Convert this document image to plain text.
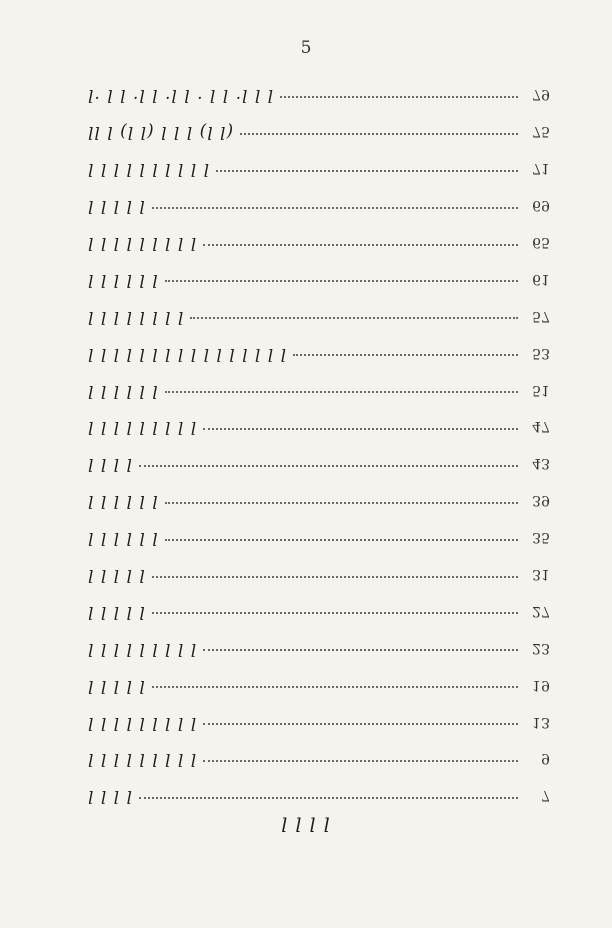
5
ꞁ. ꞁ ꞁ .ꞁ ꞁ .ꞁ ꞁ . ꞁ ꞁ .ꞁ ꞁ ꞁ	79
ꞁꞁ ꞁ (ꞁ ꞁ) ꞁ ꞁ ꞁ (ꞁ ꞁ)	75
ꞁ ꞁ ꞁ ꞁ ꞁ ꞁ ꞁ ꞁ ꞁ ꞁ	71
ꞁ ꞁ ꞁ ꞁ ꞁ	69
ꞁ ꞁ ꞁ ꞁ ꞁ ꞁ ꞁ ꞁ ꞁ	65
ꞁ ꞁ ꞁ ꞁ ꞁ ꞁ	61
ꞁ ꞁ ꞁ ꞁ ꞁ ꞁ ꞁ ꞁ	57
ꞁ ꞁ ꞁ ꞁ ꞁ ꞁ ꞁ ꞁ ꞁ ꞁ ꞁ ꞁ ꞁ ꞁ ꞁ ꞁ	53
ꞁ ꞁ ꞁ ꞁ ꞁ ꞁ	51
ꞁ ꞁ ꞁ ꞁ ꞁ ꞁ ꞁ ꞁ ꞁ	47
ꞁ ꞁ ꞁ ꞁ	43
ꞁ ꞁ ꞁ ꞁ ꞁ ꞁ	39
ꞁ ꞁ ꞁ ꞁ ꞁ ꞁ	35
ꞁ ꞁ ꞁ ꞁ ꞁ	31
ꞁ ꞁ ꞁ ꞁ ꞁ	27
ꞁ ꞁ ꞁ ꞁ ꞁ ꞁ ꞁ ꞁ ꞁ	23
ꞁ ꞁ ꞁ ꞁ ꞁ	19
ꞁ ꞁ ꞁ ꞁ ꞁ ꞁ ꞁ ꞁ ꞁ	13
ꞁ ꞁ ꞁ ꞁ ꞁ ꞁ ꞁ ꞁ ꞁ	9
ꞁ ꞁ ꞁ ꞁ	7
ꞁ ꞁ ꞁ ꞁ
